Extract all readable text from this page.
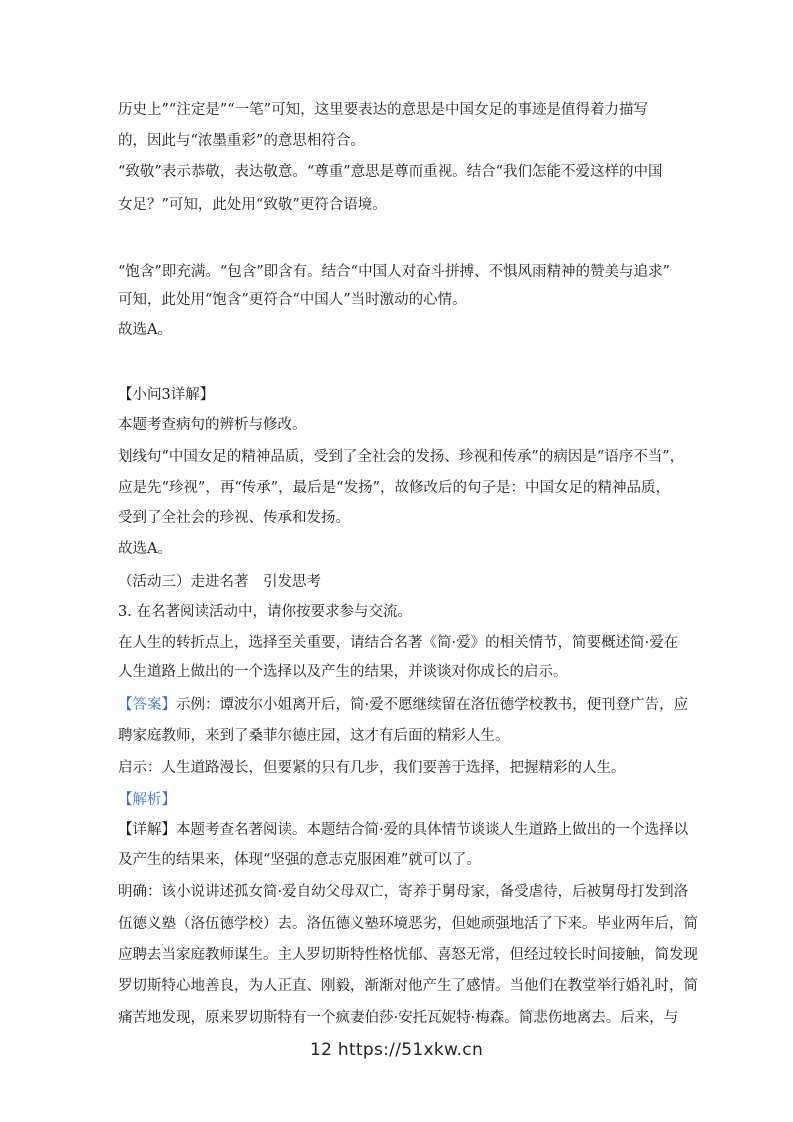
历史上”“注定是”“一笔”可知，这里要表达的意思是中国女足的事迹是值得着力描写
的，因此与“浓墨重彩”的意思相符合。
“致敬”表示恭敬，表达敬意。“尊重”意思是尊而重视。结合“我们怎能不爱这样的中国
女足？”可知，此处用“致敬”更符合语境。
“饱含”即充满。“包含”即含有。结合“中国人对奋斗拼搏、不惧风雨精神的赞美与追求”
可知，此处用“饱含”更符合“中国人”当时激动的心情。
故选A。
【小问3详解】
本题考查病句的辨析与修改。
划线句“中国女足的精神品质，受到了全社会的发扬、珍视和传承”的病因是“语序不当”，
应是先“珍视”，再“传承”，最后是“发扬”，故修改后的句子是：中国女足的精神品质，
受到了全社会的珍视、传承和发扬。
故选A。
（活动三）走进名著　引发思考
3. 在名著阅读活动中，请你按要求参与交流。
在人生的转折点上，选择至关重要，请结合名著《简·爱》的相关情节，简要概述简·爱在
人生道路上做出的一个选择以及产生的结果，并谈谈对你成长的启示。
【答案】示例：谭波尔小姐离开后，简·爱不愿继续留在洛伍德学校教书，便刊登广告，应
聘家庭教师，来到了桑菲尔德庄园，这才有后面的精彩人生。
启示：人生道路漫长，但要紧的只有几步，我们要善于选择，把握精彩的人生。
【解析】
【详解】本题考查名著阅读。本题结合简·爱的具体情节谈谈人生道路上做出的一个选择以
及产生的结果来，体现“坚强的意志克服困难”就可以了。
明确：该小说讲述孤女简·爱自幼父母双亡，寄养于舅母家，备受虐待，后被舅母打发到洛
伍德义塾（洛伍德学校）去。洛伍德义塾环境恶劣，但她顽强地活了下来。毕业两年后，简
应聘去当家庭教师谋生。主人罗切斯特性格忧郁、喜怒无常，但经过较长时间接触，简发现
罗切斯特心地善良，为人正直、刚毅，渐渐对他产生了感情。当他们在教堂举行婚礼时，简
痛苦地发现，原来罗切斯特有一个疯妻伯莎·安托瓦妮特·梅森。简悲伤地离去。后来，与
12 https://51xkw.cn
